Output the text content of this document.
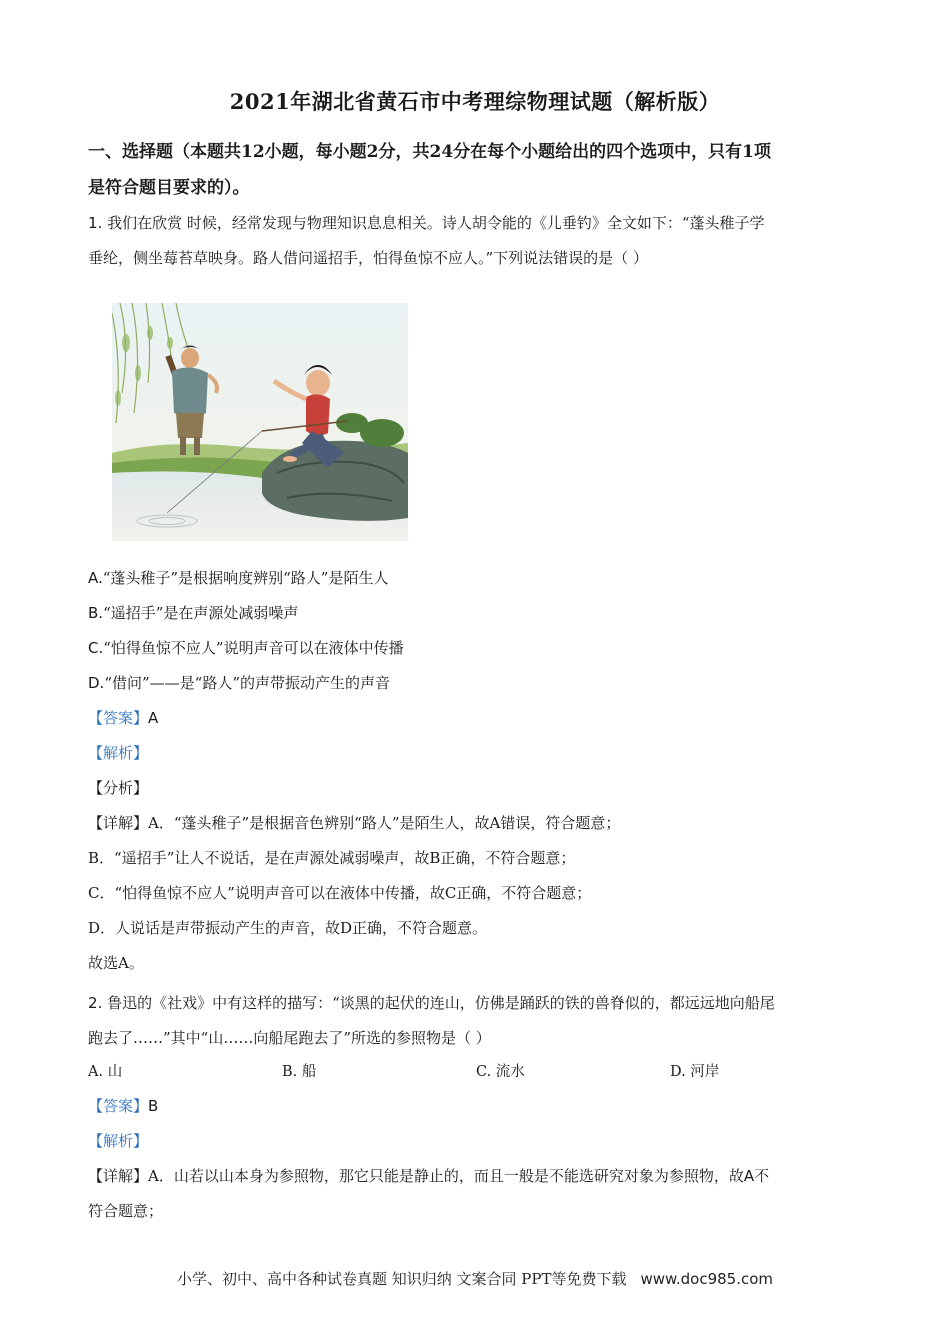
2021年湖北省黄石市中考理综物理试题（解析版）
一、选择题（本题共12小题，每小题2分，共24分在每个小题给出的四个选项中，只有1项
是符合题目要求的）。
1. 我们在欣赏 时候，经常发现与物理知识息息相关。诗人胡令能的《儿垂钓》全文如下：“蓬头稚子学
垂纶，侧坐莓苔草映身。路人借问遥招手，怕得鱼惊不应人。”下列说法错误的是（ ）
A.“蓬头稚子”是根据响度辨别“路人”是陌生人
B.“遥招手”是在声源处减弱噪声
C.“怕得鱼惊不应人”说明声音可以在液体中传播
D.“借问”——是“路人”的声带振动产生的声音
【答案】A
【解析】
【分析】
【详解】A．“蓬头稚子”是根据音色辨别“路人”是陌生人，故A错误，符合题意；
B．“遥招手”让人不说话，是在声源处减弱噪声，故B正确，不符合题意；
C．“怕得鱼惊不应人”说明声音可以在液体中传播，故C正确，不符合题意；
D．人说话是声带振动产生的声音，故D正确，不符合题意。
故选A。
2. 鲁迅的《社戏》中有这样的描写：“谈黑的起伏的连山，仿佛是踊跃的铁的兽脊似的，都远远地向船尾
跑去了……”其中“山……向船尾跑去了”所选的参照物是（ ）
A. 山	B. 船	C. 流水	D. 河岸
【答案】B
【解析】
【详解】A．山若以山本身为参照物，那它只能是静止的，而且一般是不能选研究对象为参照物，故A不
符合题意；
小学、初中、高中各种试卷真题 知识归纳 文案合同 PPT等免费下载 www.doc985.com
